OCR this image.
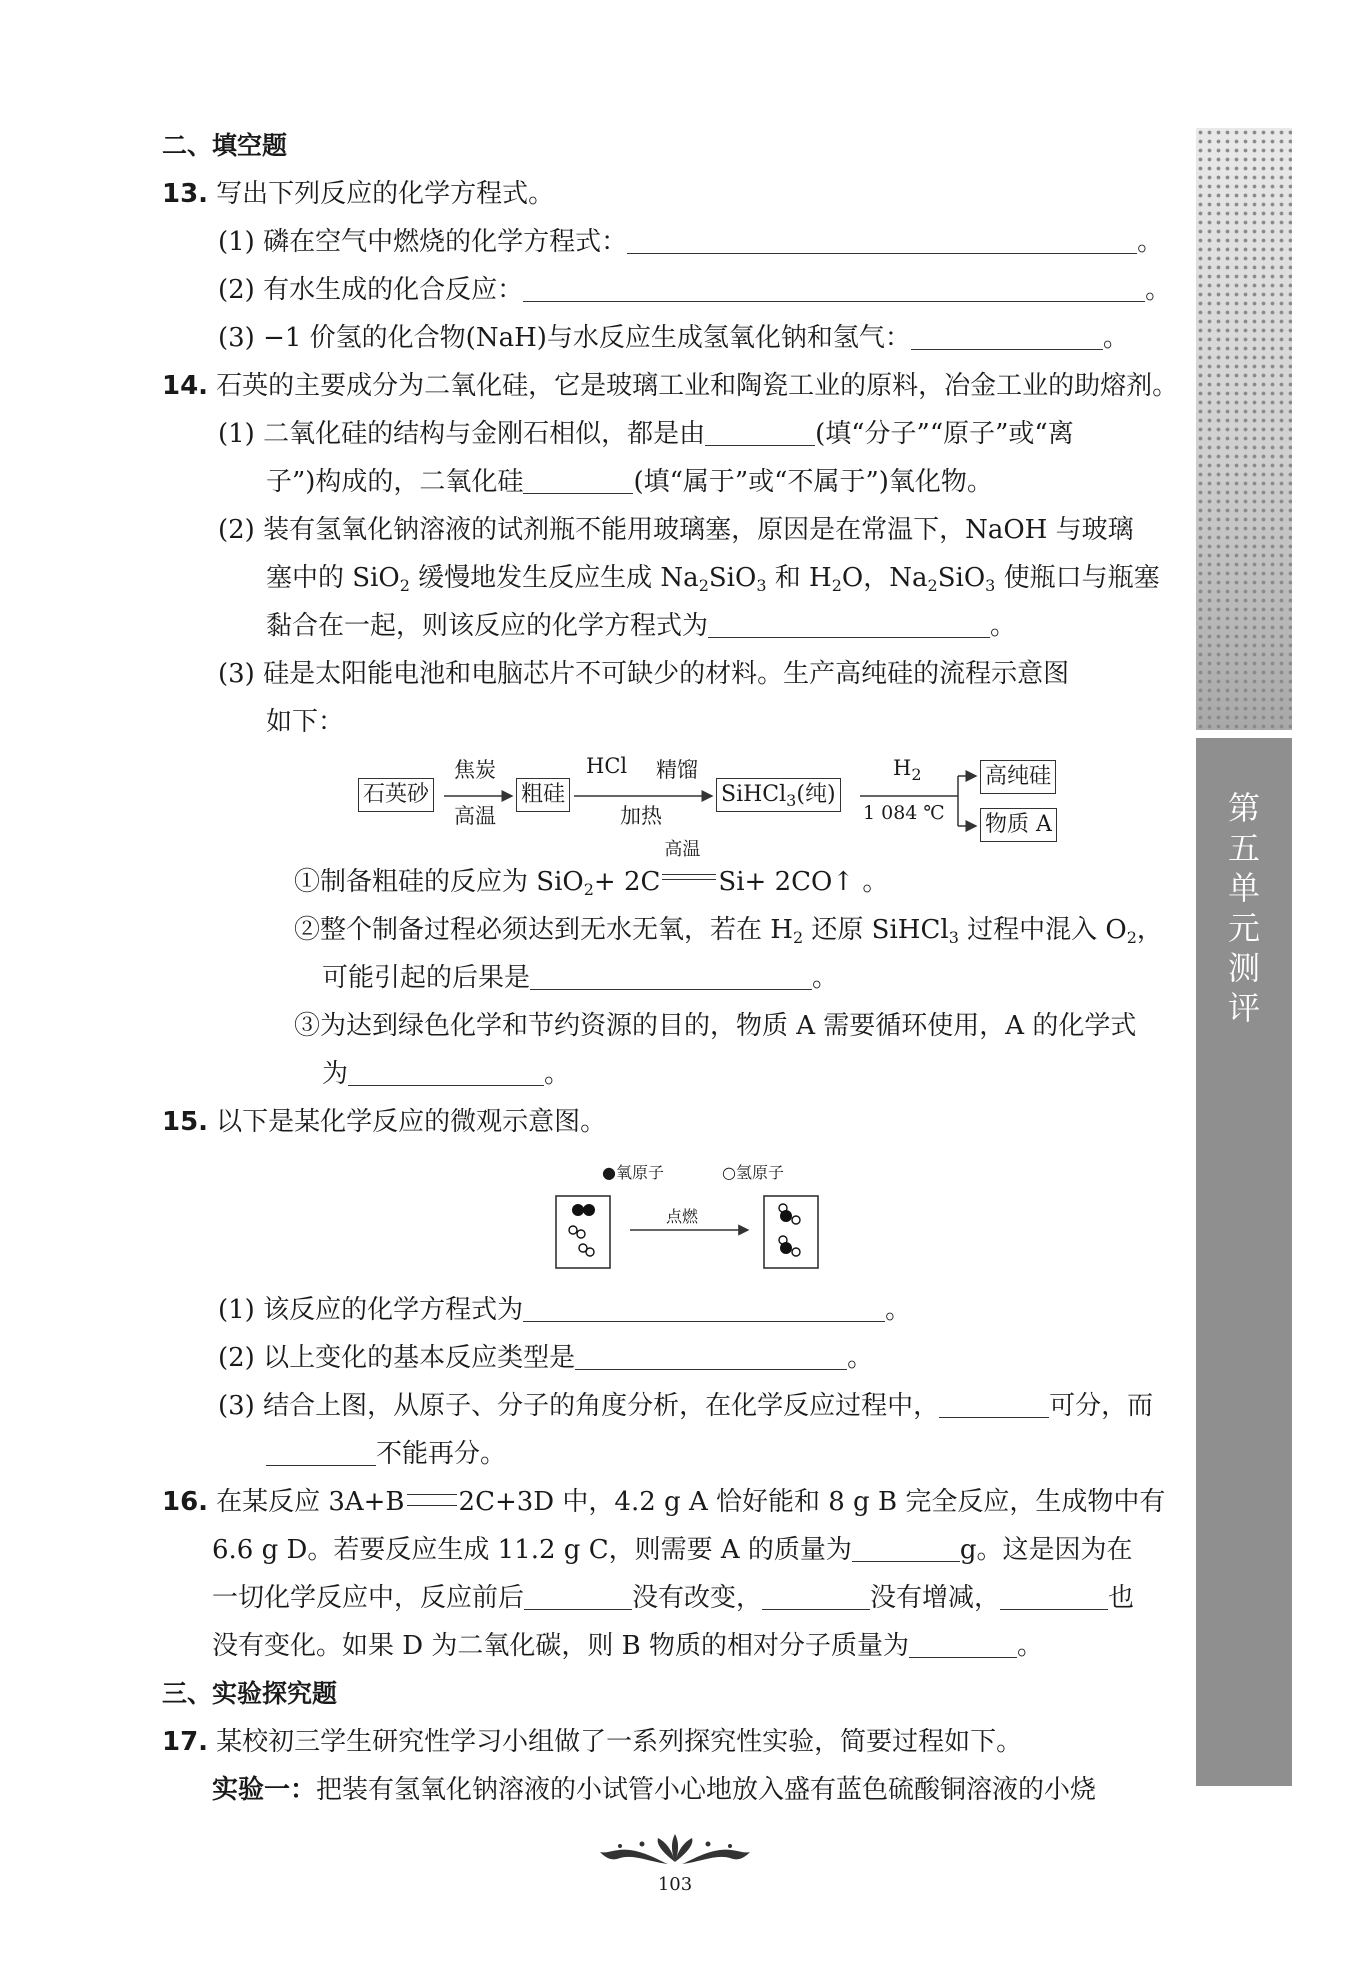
第
五
单
元
测
评
二、填空题
13. 写出下列反应的化学方程式。
(1) 磷在空气中燃烧的化学方程式：	。
(2) 有水生成的化合反应：	。
(3) −1 价氢的化合物(NaH)与水反应生成氢氧化钠和氢气：	。
14. 石英的主要成分为二氧化硅，它是玻璃工业和陶瓷工业的原料，冶金工业的助熔剂。
(1) 二氧化硅的结构与金刚石相似，都是由	(填“分子”“原子”或“离
子”)构成的，二氧化硅	(填“属于”或“不属于”)氧化物。
(2) 装有氢氧化钠溶液的试剂瓶不能用玻璃塞，原因是在常温下，NaOH 与玻璃
塞中的 SiO$_2$ 缓慢地发生反应生成 $Na_2SiO_3$ 和 $H_2O$，$Na_2SiO_3$ 使瓶口与瓶塞
黏合在一起，则该反应的化学方程式为	。
(3) 硅是太阳能电池和电脑芯片不可缺少的材料。生产高纯硅的流程示意图
如下：
①制备粗硅的反应为 SiO$_2$+ 2C
高温
Si+ 2CO↑ 。
②整个制备过程必须达到无水无氧，若在 $H_2$ 还原 SiHCl$_3$ 过程中混入 $O_2$，
可能引起的后果是	。
③为达到绿色化学和节约资源的目的，物质 A 需要循环使用，A 的化学式
为	。
15. 以下是某化学反应的微观示意图。
(1) 该反应的化学方程式为	。
(2) 以上变化的基本反应类型是	。
(3) 结合上图，从原子、分子的角度分析，在化学反应过程中，	可分，而
不能再分。
16. 在某反应 3A+B 2C+3D 中，4.2 g A 恰好能和 8 g B 完全反应，生成物中有
6.6 g D。若要反应生成 11.2 g C，则需要 A 的质量为	g。这是因为在
一切化学反应中，反应前后	没有改变，	没有增减，	也
没有变化。如果 D 为二氧化碳，则 B 物质的相对分子质量为	。
三、实验探究题
17. 某校初三学生研究性学习小组做了一系列探究性实验，简要过程如下。
实验一：把装有氢氧化钠溶液的小试管小心地放入盛有蓝色硫酸铜溶液的小烧
石英砂
焦炭
高温
粗硅
HCl 精馏
加热
SiHCl$_3$(纯)
$H_2$
1 084 ℃
高纯硅
物质 A
●氧原子	○氢原子
点燃
103
